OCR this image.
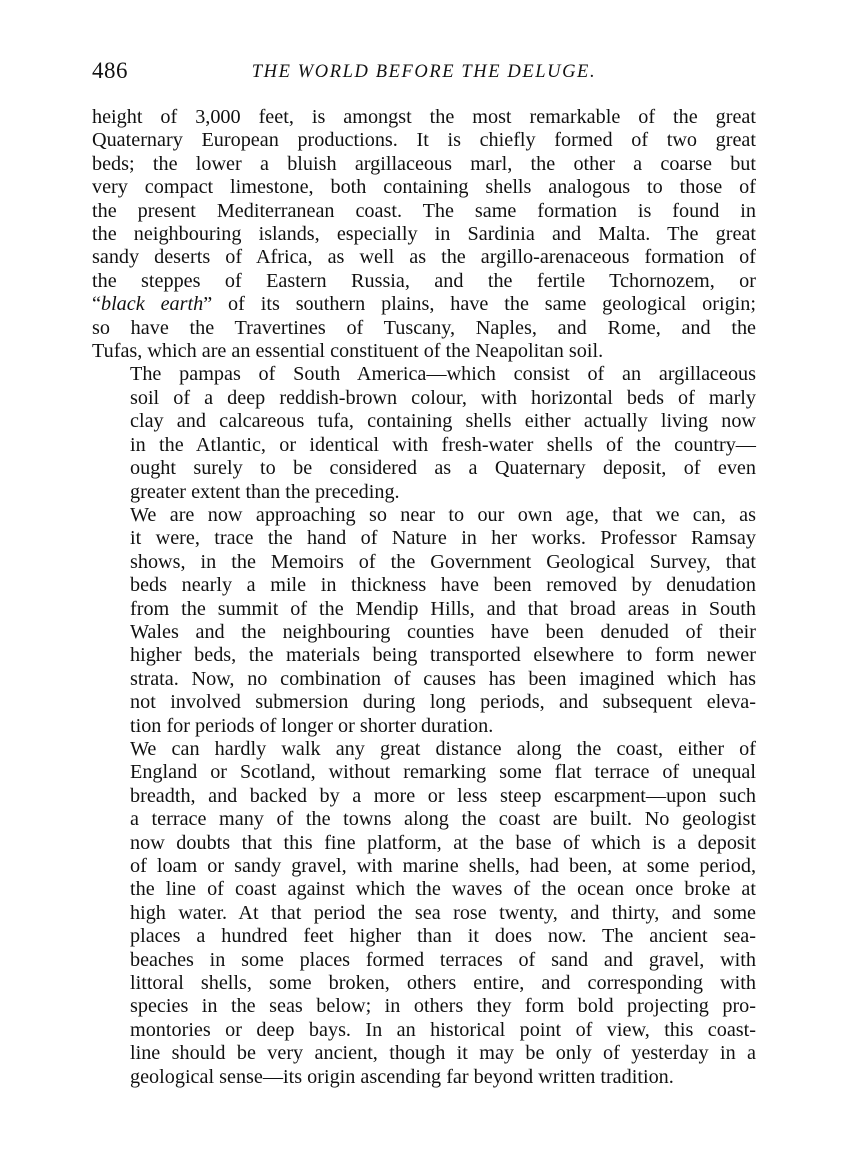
486	THE WORLD BEFORE THE DELUGE.

height of 3,000 feet, is amongst the most remarkable of the great
Quaternary European productions. It is chiefly formed of two great
beds; the lower a bluish argillaceous marl, the other a coarse but
very compact limestone, both containing shells analogous to those of
the present Mediterranean coast. The same formation is found in
the neighbouring islands, especially in Sardinia and Malta. The great
sandy deserts of Africa, as well as the argillo-arenaceous formation of
the steppes of Eastern Russia, and the fertile Tchornozem, or
“black earth” of its southern plains, have the same geological origin;
so have the Travertines of Tuscany, Naples, and Rome, and the
Tufas, which are an essential constituent of the Neapolitan soil.

The pampas of South America—which consist of an argillaceous
soil of a deep reddish-brown colour, with horizontal beds of marly
clay and calcareous tufa, containing shells either actually living now
in the Atlantic, or identical with fresh-water shells of the country—
ought surely to be considered as a Quaternary deposit, of even
greater extent than the preceding.

We are now approaching so near to our own age, that we can, as
it were, trace the hand of Nature in her works. Professor Ramsay
shows, in the Memoirs of the Government Geological Survey, that
beds nearly a mile in thickness have been removed by denudation
from the summit of the Mendip Hills, and that broad areas in South
Wales and the neighbouring counties have been denuded of their
higher beds, the materials being transported elsewhere to form newer
strata. Now, no combination of causes has been imagined which has
not involved submersion during long periods, and subsequent eleva-
tion for periods of longer or shorter duration.

We can hardly walk any great distance along the coast, either of
England or Scotland, without remarking some flat terrace of unequal
breadth, and backed by a more or less steep escarpment—upon such
a terrace many of the towns along the coast are built. No geologist
now doubts that this fine platform, at the base of which is a deposit
of loam or sandy gravel, with marine shells, had been, at some period,
the line of coast against which the waves of the ocean once broke at
high water. At that period the sea rose twenty, and thirty, and some
places a hundred feet higher than it does now. The ancient sea-
beaches in some places formed terraces of sand and gravel, with
littoral shells, some broken, others entire, and corresponding with
species in the seas below; in others they form bold projecting pro-
montories or deep bays. In an historical point of view, this coast-
line should be very ancient, though it may be only of yesterday in a
geological sense—its origin ascending far beyond written tradition.
